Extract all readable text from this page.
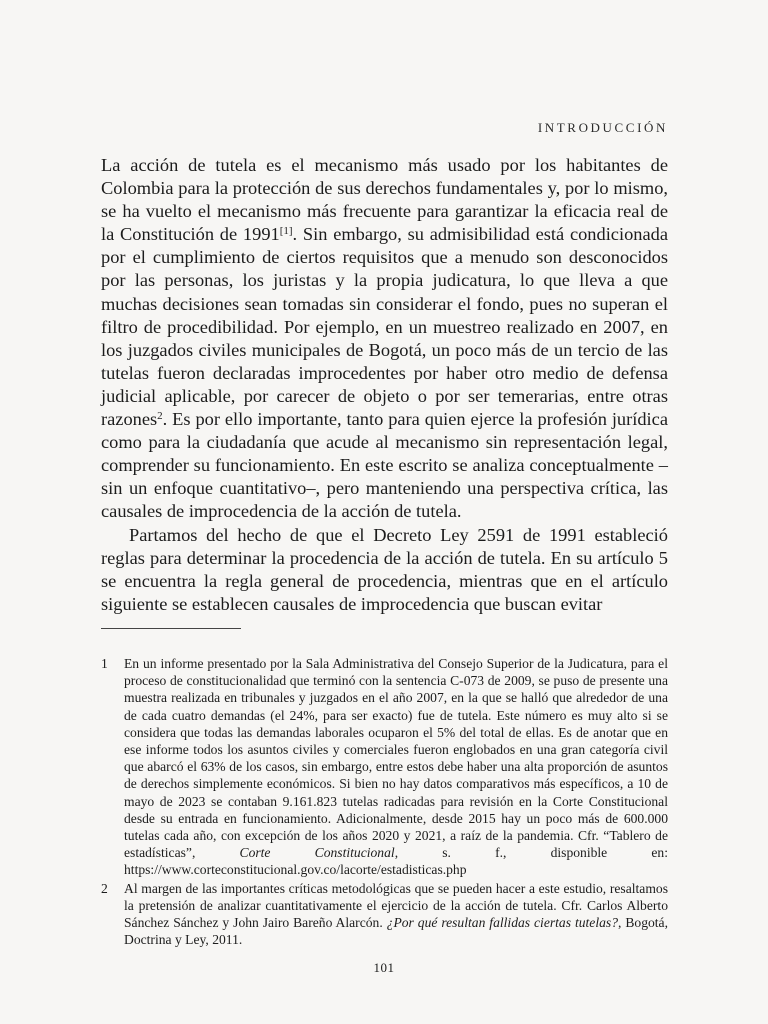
INTRODUCCIÓN

La acción de tutela es el mecanismo más usado por los habitantes de Colombia para la protección de sus derechos fundamentales y, por lo mismo, se ha vuelto el mecanismo más frecuente para garantizar la eficacia real de la Constitución de 1991[1]. Sin embargo, su admisibilidad está condicionada por el cumplimiento de ciertos requisitos que a menudo son desconocidos por las personas, los juristas y la propia judicatura, lo que lleva a que muchas decisiones sean tomadas sin considerar el fondo, pues no superan el filtro de procedibilidad. Por ejemplo, en un muestreo realizado en 2007, en los juzgados civiles municipales de Bogotá, un poco más de un tercio de las tutelas fueron declaradas improcedentes por haber otro medio de defensa judicial aplicable, por carecer de objeto o por ser temerarias, entre otras razones$^2$. Es por ello importante, tanto para quien ejerce la profesión jurídica como para la ciudadanía que acude al mecanismo sin representación legal, comprender su funcionamiento. En este escrito se analiza conceptualmente –sin un enfoque cuantitativo–, pero manteniendo una perspectiva crítica, las causales de improcedencia de la acción de tutela.

Partamos del hecho de que el Decreto Ley 2591 de 1991 estableció reglas para determinar la procedencia de la acción de tutela. En su artículo 5 se encuentra la regla general de procedencia, mientras que en el artículo siguiente se establecen causales de improcedencia que buscan evitar

1 En un informe presentado por la Sala Administrativa del Consejo Superior de la Judicatura, para el proceso de constitucionalidad que terminó con la sentencia C-073 de 2009, se puso de presente una muestra realizada en tribunales y juzgados en el año 2007, en la que se halló que alrededor de una de cada cuatro demandas (el 24%, para ser exacto) fue de tutela. Este número es muy alto si se considera que todas las demandas laborales ocuparon el 5% del total de ellas. Es de anotar que en ese informe todos los asuntos civiles y comerciales fueron englobados en una gran categoría civil que abarcó el 63% de los casos, sin embargo, entre estos debe haber una alta proporción de asuntos de derechos simplemente económicos. Si bien no hay datos comparativos más específicos, a 10 de mayo de 2023 se contaban 9.161.823 tutelas radicadas para revisión en la Corte Constitucional desde su entrada en funcionamiento. Adicionalmente, desde 2015 hay un poco más de 600.000 tutelas cada año, con excepción de los años 2020 y 2021, a raíz de la pandemia. Cfr. “Tablero de estadísticas”, Corte Constitucional, s. f., disponible en: https://www.corteconstitucional.gov.co/lacorte/estadisticas.php
2 Al margen de las importantes críticas metodológicas que se pueden hacer a este estudio, resaltamos la pretensión de analizar cuantitativamente el ejercicio de la acción de tutela. Cfr. Carlos Alberto Sánchez Sánchez y John Jairo Bareño Alarcón. ¿Por qué resultan fallidas ciertas tutelas?, Bogotá, Doctrina y Ley, 2011.
101
